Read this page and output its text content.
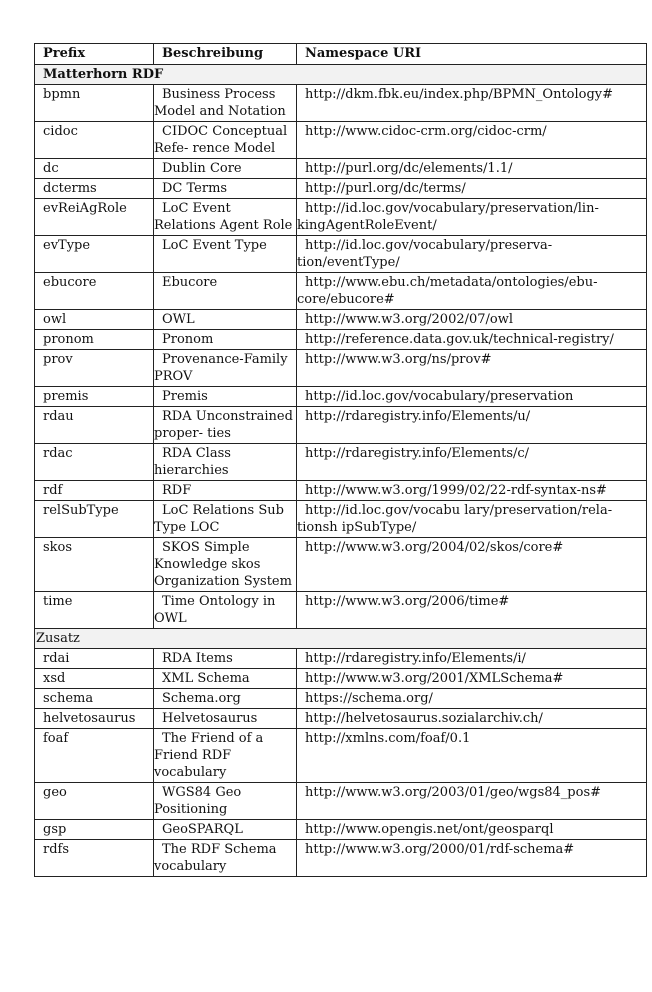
Prefix	Beschreibung	Namespace URI
Matterhorn RDF		
bpmn	Business Process Model and Notation	http://dkm.fbk.eu/index.php/BPMN_Ontology#

cidoc	CIDOC Conceptual Refe- rence Model	http://www.cidoc-crm.org/cidoc-crm/

dc	Dublin Core	http://purl.org/dc/elements/1.1/

dcterms	DC Terms	http://purl.org/dc/terms/

evReiAgRole	LoC Event Relations Agent Role	http://id.loc.gov/vocabulary/preservation/lin- kingAgentRoleEvent/

evType	LoC Event Type	http://id.loc.gov/vocabulary/preserva- tion/eventType/

ebucore	Ebucore	http://www.ebu.ch/metadata/ontologies/ebu- core/ebucore#

owl	OWL	http://www.w3.org/2002/07/owl

pronom	Pronom	http://reference.data.gov.uk/technical-registry/

prov	Provenance-Family PROV	http://www.w3.org/ns/prov#

premis	Premis	http://id.loc.gov/vocabulary/preservation

rdau	RDA Unconstrained proper- ties	http://rdaregistry.info/Elements/u/

rdac	RDA Class hierarchies	http://rdaregistry.info/Elements/c/

rdf	RDF	http://www.w3.org/1999/02/22-rdf-syntax-ns#

relSubType	LoC Relations Sub Type LOC	http://id.loc.gov/vocabu lary/preservation/rela- tionsh ipSubType/

skos	SKOS Simple Knowledge skos Organization System	http://www.w3.org/2004/02/skos/core#

time	Time Ontology in OWL	http://www.w3.org/2006/time#

Zusatz		
rdai	RDA Items	http://rdaregistry.info/Elements/i/

xsd	XML Schema	http://www.w3.org/2001/XMLSchema#

schema	Schema.org	https://schema.org/

helvetosaurus	Helvetosaurus	http://helvetosaurus.sozialarchiv.ch/

foaf	The Friend of a Friend RDF vocabulary	http://xmlns.com/foaf/0.1

geo	WGS84 Geo Positioning	http://www.w3.org/2003/01/geo/wgs84_pos#

gsp	GeoSPARQL	http://www.opengis.net/ont/geosparql

rdfs	The RDF Schema vocabulary	http://www.w3.org/2000/01/rdf-schema#
